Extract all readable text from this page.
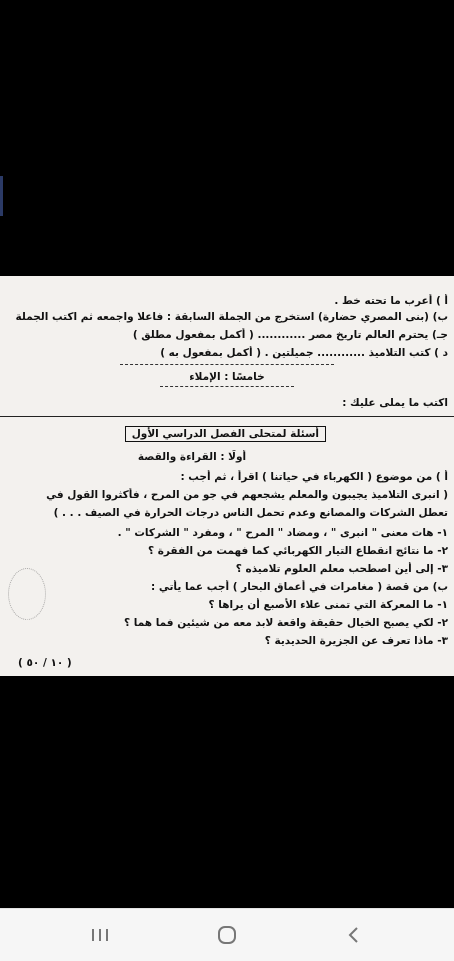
أ ) أعرب ما تحته خط .
ب) (بنى المصري حضارة) استخرج من الجملة السابقة : فاعلا واجمعه ثم اكتب الجملة
جـ) يحترم العالم تاريخ مصر ............ ( أكمل بمفعول مطلق )
د ) كتب التلاميذ ............ جميلتين . ( أكمل بمفعول به )
خامسًا : الإملاء
اكتب ما يملى عليك :
أسئلة لمتحلى الفصل الدراسي الأول
أولًا : القراءة والقصة
أ ) من موضوع ( الكهرباء في حياتنا ) اقرأ ، ثم أجب :
( انبرى التلاميذ يجيبون والمعلم يشجعهم في جو من المرح ، فأكثروا القول في
تعطل الشركات والمصانع وعدم تحمل الناس درجات الحرارة في الصيف . . . )
١- هات معنى " انبرى " ، ومضاد " المرح " ، ومفرد " الشركات " .
٢- ما نتائج انقطاع التيار الكهربائي كما فهمت من الفقرة ؟
٣- إلى أين اصطحب معلم العلوم تلاميذه ؟
ب) من قصة ( مغامرات في أعماق البحار ) أجب عما يأتي :
١- ما المعركة التي تمنى علاء الأصبع أن يراها ؟
٢- لكي يصبح الخيال حقيقة واقعة لابد معه من شيئين فما هما ؟
٣- ماذا تعرف عن الجزيرة الحديدية ؟
( ١٠ / ٥٠ )
